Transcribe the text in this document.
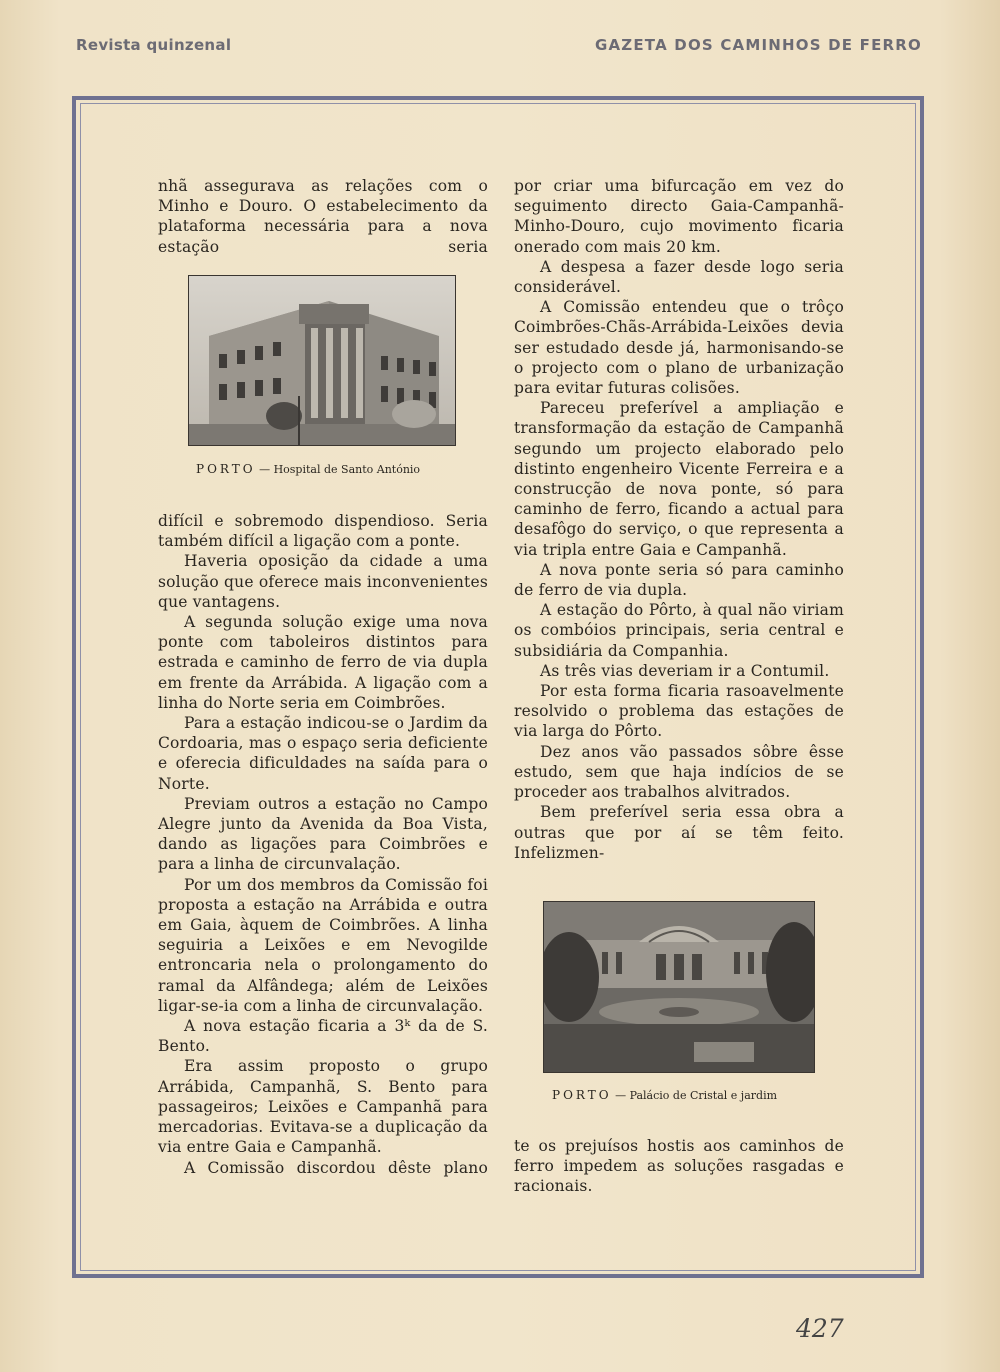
Revista quinzenal	GAZETA DOS CAMINHOS DE FERRO

nhã assegurava as relações com o Minho e Douro. O estabelecimento da plataforma necessária para a nova estação seria

PORTO — Hospital de Santo António

difícil e sobremodo dispendioso. Seria também difícil a ligação com a ponte.

Haveria oposição da cidade a uma solução que oferece mais inconvenientes que vantagens.

A segunda solução exige uma nova ponte com taboleiros distintos para estrada e caminho de ferro de via dupla em frente da Arrábida. A ligação com a linha do Norte seria em Coimbrões.

Para a estação indicou-se o Jardim da Cordoaria, mas o espaço seria deficiente e oferecia dificuldades na saída para o Norte.

Previam outros a estação no Campo Alegre junto da Avenida da Boa Vista, dando as ligações para Coimbrões e para a linha de circunvalação.

Por um dos membros da Comissão foi proposta a estação na Arrábida e outra em Gaia, àquem de Coimbrões. A linha seguiria a Leixões e em Nevogilde entroncaria nela o prolongamento do ramal da Alfândega; além de Leixões ligar-se-ia com a linha de circunvalação.

A nova estação ficaria a 3ᵏ da de S. Bento.

Era assim proposto o grupo Arrábida, Campanhã, S. Bento para passageiros; Leixões e Campanhã para mercadorias. Evitava-se a duplicação da via entre Gaia e Campanhã.

A Comissão discordou dêste plano

por criar uma bifurcação em vez do seguimento directo Gaia-Campanhã-Minho-Douro, cujo movimento ficaria onerado com mais 20 km.

A despesa a fazer desde logo seria considerável.

A Comissão entendeu que o trôço Coimbrões-Chãs-Arrábida-Leixões devia ser estudado desde já, harmonisando-se o projecto com o plano de urbanização para evitar futuras colisões.

Pareceu preferível a ampliação e transformação da estação de Campanhã segundo um projecto elaborado pelo distinto engenheiro Vicente Ferreira e a construcção de nova ponte, só para caminho de ferro, ficando a actual para desafôgo do serviço, o que representa a via tripla entre Gaia e Campanhã.

A nova ponte seria só para caminho de ferro de via dupla.

A estação do Pôrto, à qual não viriam os combóios principais, seria central e subsidiária da Companhia.

As três vias deveriam ir a Contumil.

Por esta forma ficaria rasoavelmente resolvido o problema das estações de via larga do Pôrto.

Dez anos vão passados sôbre êsse estudo, sem que haja indícios de se proceder aos trabalhos alvitrados.

Bem preferível seria essa obra a outras que por aí se têm feito. Infelizmen-

PORTO — Palácio de Cristal e jardim

te os prejuísos hostis aos caminhos de ferro impedem as soluções rasgadas e racionais.

427
